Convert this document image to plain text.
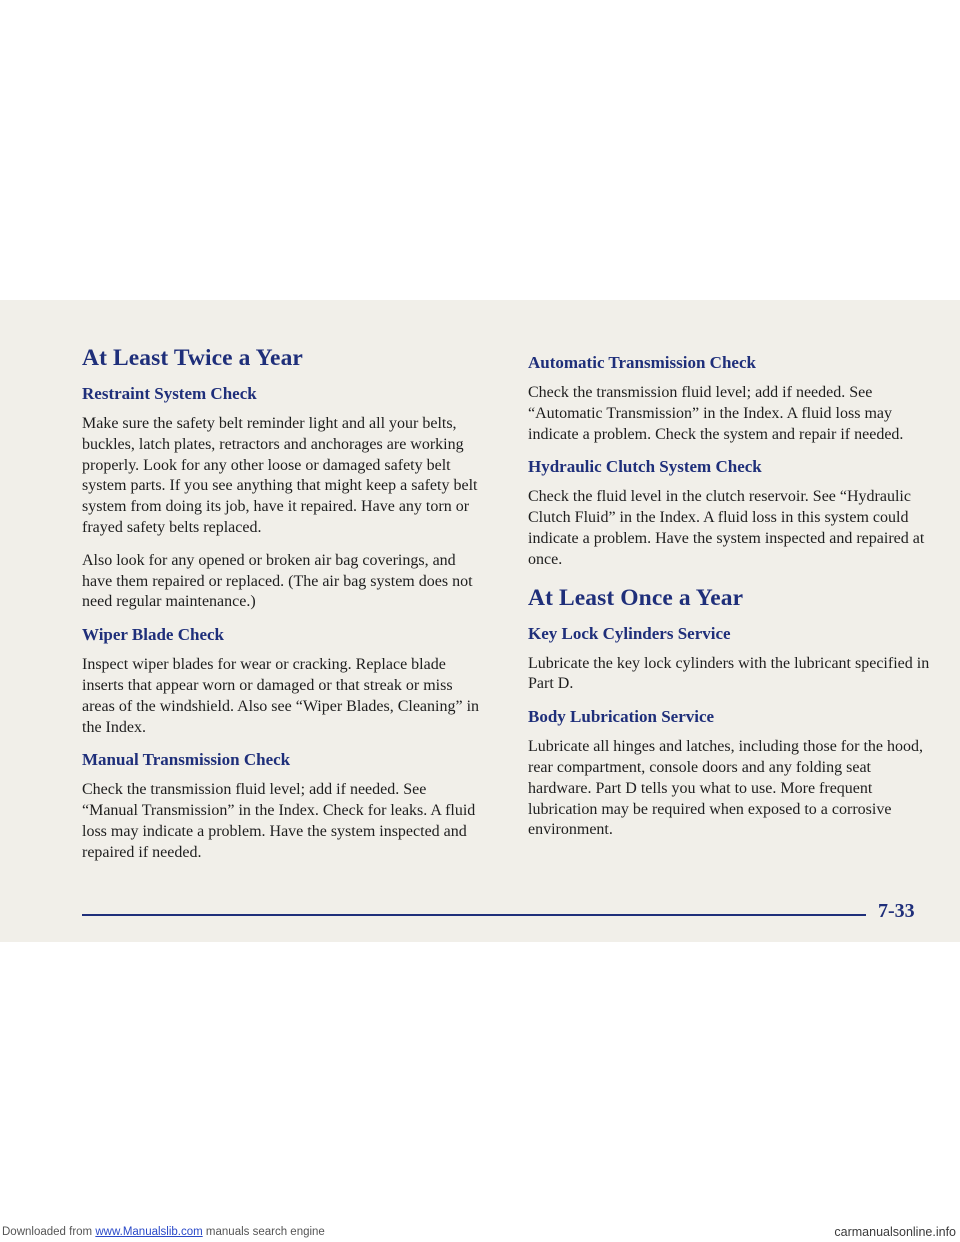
At Least Twice a Year
Restraint System Check

Make sure the safety belt reminder light and all your belts, buckles, latch plates, retractors and anchorages are working properly. Look for any other loose or damaged safety belt system parts. If you see anything that might keep a safety belt system from doing its job, have it repaired. Have any torn or frayed safety belts replaced.

Also look for any opened or broken air bag coverings, and have them repaired or replaced. (The air bag system does not need regular maintenance.)

Wiper Blade Check

Inspect wiper blades for wear or cracking. Replace blade inserts that appear worn or damaged or that streak or miss areas of the windshield. Also see “Wiper Blades, Cleaning” in the Index.

Manual Transmission Check

Check the transmission fluid level; add if needed. See “Manual Transmission” in the Index. Check for leaks. A fluid loss may indicate a problem. Have the system inspected and repaired if needed.

Automatic Transmission Check

Check the transmission fluid level; add if needed. See “Automatic Transmission” in the Index. A fluid loss may indicate a problem. Check the system and repair if needed.

Hydraulic Clutch System Check

Check the fluid level in the clutch reservoir. See “Hydraulic Clutch Fluid” in the Index. A fluid loss in this system could indicate a problem. Have the system inspected and repaired at once.

At Least Once a Year
Key Lock Cylinders Service

Lubricate the key lock cylinders with the lubricant specified in Part D.

Body Lubrication Service

Lubricate all hinges and latches, including those for the hood, rear compartment, console doors and any folding seat hardware. Part D tells you what to use. More frequent lubrication may be required when exposed to a corrosive environment.

7-33
Downloaded from www.Manualslib.com manuals search engine	carmanualsonline.info
